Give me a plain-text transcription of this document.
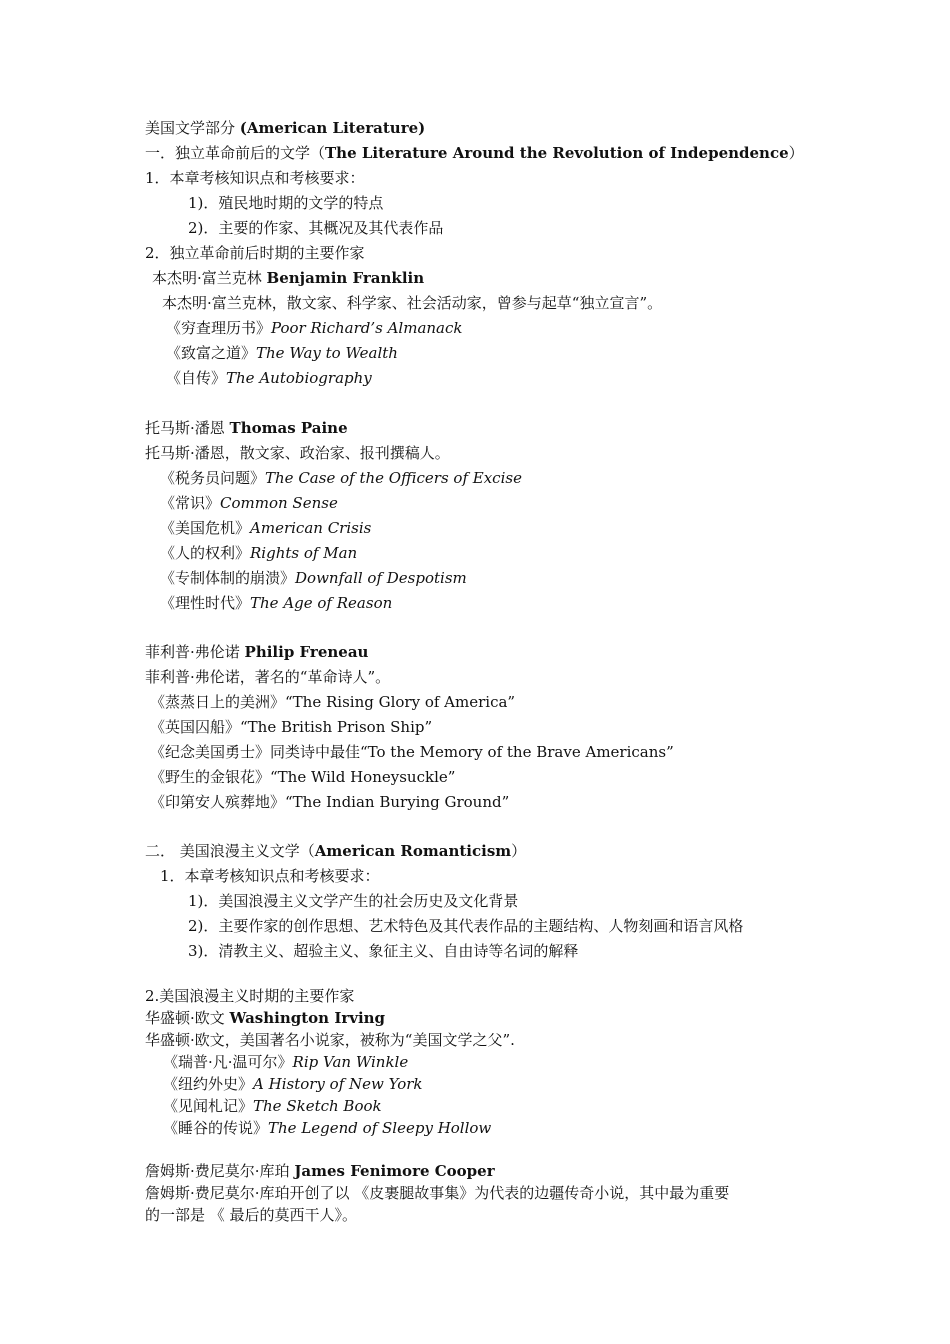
美国文学部分 (American Literature)
一．独立革命前后的文学（The Literature Around the Revolution of Independence）
1．本章考核知识点和考核要求：
1)．殖民地时期的文学的特点
2)．主要的作家、其概况及其代表作品
2．独立革命前后时期的主要作家
本杰明·富兰克林 Benjamin Franklin
本杰明·富兰克林，散文家、科学家、社会活动家，曾参与起草“独立宣言”。
《穷查理历书》Poor Richard’s Almanack
《致富之道》The Way to Wealth
《自传》The Autobiography
托马斯·潘恩 Thomas Paine
托马斯·潘恩，散文家、政治家、报刊撰稿人。
《税务员问题》The Case of the Officers of Excise
《常识》Common Sense
《美国危机》American Crisis
《人的权利》Rights of Man
《专制体制的崩溃》Downfall of Despotism
《理性时代》The Age of Reason
菲利普·弗伦诺 Philip Freneau
菲利普·弗伦诺，著名的“革命诗人”。
《蒸蒸日上的美洲》“The Rising Glory of America”
《英国囚船》“The British Prison Ship”
《纪念美国勇士》同类诗中最佳“To the Memory of the Brave Americans”
《野生的金银花》“The Wild Honeysuckle”
《印第安人殡葬地》“The Indian Burying Ground”
二． 美国浪漫主义文学（American Romanticism）
1．本章考核知识点和考核要求：
1)．美国浪漫主义文学产生的社会历史及文化背景
2)．主要作家的创作思想、艺术特色及其代表作品的主题结构、人物刻画和语言风格
3)．清教主义、超验主义、象征主义、自由诗等名词的解释
2.美国浪漫主义时期的主要作家
华盛顿·欧文 Washington Irving
华盛顿·欧文，美国著名小说家，被称为“美国文学之父”.
《瑞普·凡·温可尔》Rip Van Winkle
《纽约外史》A History of New York
《见闻札记》The Sketch Book
《睡谷的传说》The Legend of Sleepy Hollow
詹姆斯·费尼莫尔·库珀 James Fenimore Cooper
詹姆斯·费尼莫尔·库珀开创了以 《皮裹腿故事集》为代表的边疆传奇小说，其中最为重要
的一部是 《 最后的莫西干人》。
